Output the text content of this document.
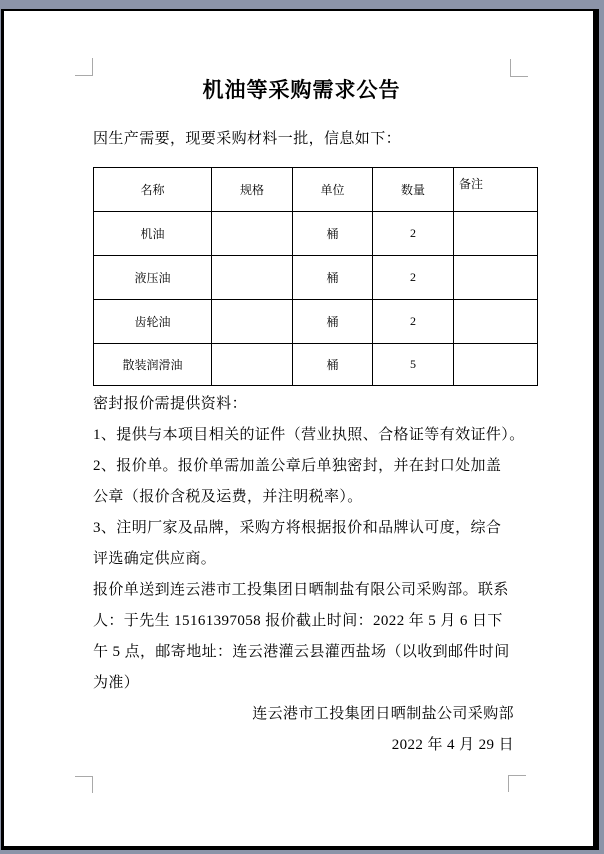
机油等采购需求公告
因生产需要，现要采购材料一批，信息如下：
名称	规格	单位	数量	备注
机油		桶	2	
液压油		桶	2	
齿轮油		桶	2	
散装润滑油		桶	5	
密封报价需提供资料：
1、提供与本项目相关的证件（营业执照、合格证等有效证件）。
2、报价单。报价单需加盖公章后单独密封，并在封口处加盖
公章（报价含税及运费，并注明税率）。
3、注明厂家及品牌，采购方将根据报价和品牌认可度，综合
评选确定供应商。
报价单送到连云港市工投集团日晒制盐有限公司采购部。联系
人：于先生 15161397058 报价截止时间：2022 年 5 月 6 日下
午 5 点，邮寄地址：连云港灌云县灌西盐场（以收到邮件时间
为准）
连云港市工投集团日晒制盐公司采购部
2022 年 4 月 29 日
